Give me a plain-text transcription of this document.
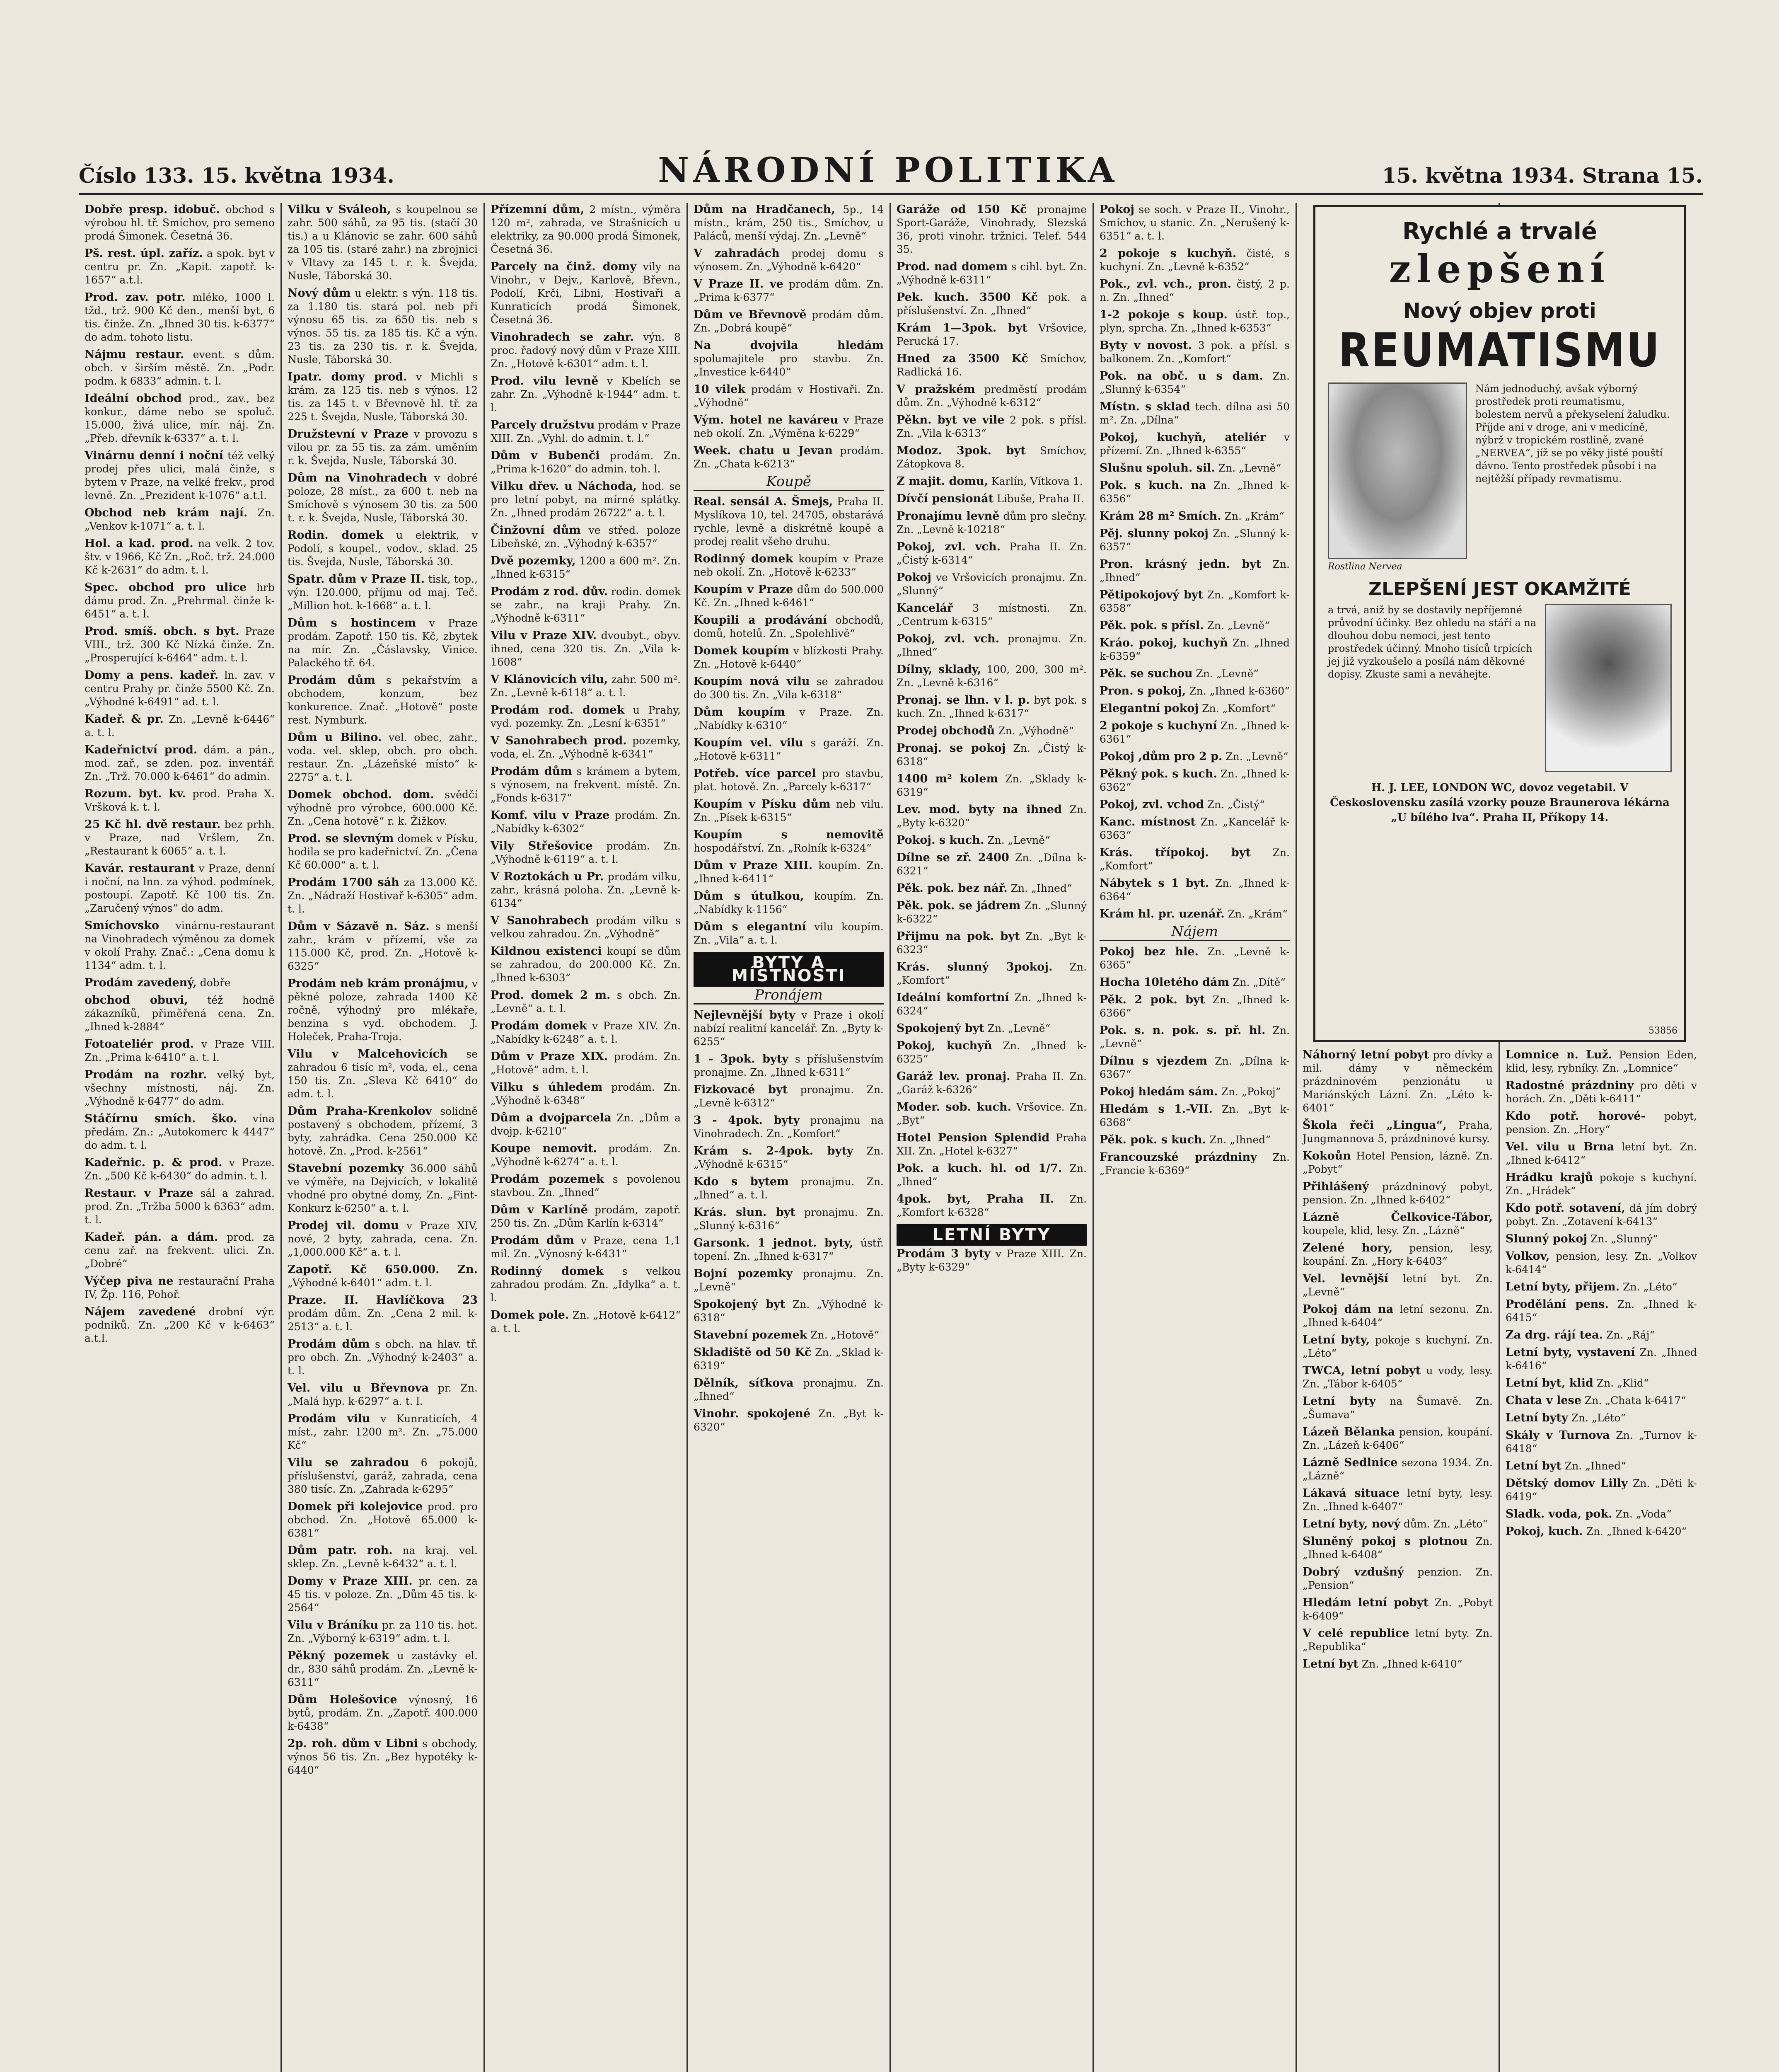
Číslo 133. 15. května 1934.	NÁRODNÍ POLITIKA	15. května 1934. Strana 15.
Dobře presp. idobuč. obchod s výrobou hl. tř. Smíchov, pro semeno prodá Šimonek. Česetná 36.
Pš. rest. úpl. zaříz. a spok. byt v centru pr. Zn. „Kapit. zapotř. k-1657“ a.t.l.
Prod. zav. potr. mléko, 1000 l. tžd., trž. 900 Kč den., menší byt, 6 tis. činže. Zn. „Ihned 30 tis. k-6377“ do adm. tohoto listu.
Nájmu restaur. event. s dům. obch. v širším městě. Zn. „Podr. podm. k 6833“ admin. t. l.
Ideální obchod prod., zav., bez konkur., dáme nebo se spoluč. 15.000, živá ulice, mír. náj. Zn. „Přeb. dřevník k-6337“ a. t. l.
Vinárnu denní i noční též velký prodej přes ulici, malá činže, s bytem v Praze, na velké frekv., prod levně. Zn. „Prezident k-1076“ a.t.l.
Obchod neb krám nají. Zn. „Venkov k-1071“ a. t. l.
Hol. a kad. prod. na velk. 2 tov. štv. v 1966, Kč Zn. „Roč. trž. 24.000 Kč k-2631“ do adm. t. l.
Spec. obchod pro ulice hrb dámu prod. Zn. „Prehrmal. činže k-6451“ a. t. l.
Prod. smíš. obch. s byt. Praze VIII., trž. 300 Kč Nízká činže. Zn. „Prosperující k-6464“ adm. t. l.
Domy a pens. kadeř. ln. zav. v centru Prahy pr. činže 5500 Kč. Zn. „Výhodné k-6491“ ad. t. l.
Kadeř. & pr. Zn. „Levně k-6446“ a. t. l.
Kadeřnictví prod. dám. a pán., mod. zař., se zden. poz. inventář. Zn. „Trž. 70.000 k-6461“ do admin.
Rozum. byt. kv. prod. Praha X. Vršková k. t. l.
25 Kč hl. dvě restaur. bez prhh. v Praze, nad Vršlem, Zn. „Restaurant k 6065“ a. t. l.
Kavár. restaurant v Praze, denní i noční, na lnn. za výhod. podmínek, postoupí. Zapotř. Kč 100 tis. Zn. „Zaručený výnos“ do adm.
Smíchovsko vinárnu-restaurant na Vinohradech výměnou za domek v okolí Prahy. Znač.: „Cena domu k 1134“ adm. t. l.
Prodám zavedený, dobře
obchod obuvi, též hodně zákazníků, přiměřená cena. Zn. „Ihned k-2884“
Fotoateliér prod. v Praze VIII. Zn. „Prima k-6410“ a. t. l.
Prodám na rozhr. velký byt, všechny místnosti, náj. Zn. „Výhodně k-6477“ do adm.
Stáčírnu smích. ško. vína předám. Zn.: „Autokomerc k 4447“ do adm. t. l.
Kadeřnic. p. & prod. v Praze. Zn. „500 Kč k-6430“ do admin. t. l.
Restaur. v Praze sál a zahrad. prod. Zn. „Tržba 5000 k 6363“ adm. t. l.
Kadeř. pán. a dám. prod. za cenu zař. na frekvent. ulici. Zn. „Dobré“
Výčep piva ne restaurační Praha IV, Žp. 116, Pohoř.
Nájem zavedené drobní výr. podniků. Zn. „200 Kč v k-6463“ a.t.l.
Vilku v Sváleoh, s koupelnou se zahr. 500 sáhů, za 95 tis. (stačí 30 tis.) a u Klánovic se zahr. 600 sáhů za 105 tis. (staré zahr.) na zbrojnici v Vltavy za 145 t. r. k. Švejda, Nusle, Táborská 30.
Nový dům u elektr. s výn. 118 tis. za 1.180 tis. stará pol. neb při výnosu 65 tis. za 650 tis. neb s výnos. 55 tis. za 185 tis. Kč a výn. 23 tis. za 230 tis. r. k. Švejda, Nusle, Táborská 30.
Ipatr. domy prod. v Michli s krám. za 125 tis. neb s výnos. 12 tis. za 145 t. v Břevnově hl. tř. za 225 t. Švejda, Nusle, Táborská 30.
Družstevní v Praze v provozu s vilou pr. za 55 tis. za zám. uměním r. k. Švejda, Nusle, Táborská 30.
Dům na Vinohradech v dobré poloze, 28 míst., za 600 t. neb na Smíchově s výnosem 30 tis. za 500 t. r. k. Švejda, Nusle, Táborská 30.
Rodin. domek u elektrik, v Podolí, s koupel., vodov., sklad. 25 tis. Švejda, Nusle, Táborská 30.
Spatr. dům v Praze II. tisk, top., výn. 120.000, příjmu od maj. Teč. „Million hot. k-1668“ a. t. l.
Dům s hostincem v Praze prodám. Zapotř. 150 tis. Kč, zbytek na mír. Zn. „Čáslavsky, Vinice. Palackého tř. 64.
Prodám dům s pekařstvím a obchodem, konzum, bez konkurence. Znač. „Hotově“ poste rest. Nymburk.
Dům u Bilino. vel. obec, zahr., voda. vel. sklep, obch. pro obch. restaur. Zn. „Lázeňské místo“ k-2275“ a. t. l.
Domek obchod. dom. svědčí výhodně pro výrobce, 600.000 Kč. Zn. „Cena hotově“ r. k. Žižkov.
Prod. se slevným domek v Písku, hodila se pro kadeřnictví. Zn. „Čena Kč 60.000“ a. t. l.
Prodám 1700 sáh za 13.000 Kč. Zn. „Nádraží Hostivař k-6305“ adm. t. l.
Dům v Sázavě n. Sáz. s menší zahr., krám v přízemí, vše za 115.000 Kč, prod. Zn. „Hotově k-6325“
Prodám neb krám pronájmu, v pěkné poloze, zahrada 1400 Kč ročně, výhodný pro mlékaře, benzina s vyd. obchodem. J. Holeček, Praha-Troja.
Vilu v Malcehovicích se zahradou 6 tisíc m², voda, el., cena 150 tis. Zn. „Sleva Kč 6410“ do adm. t. l.
Dům Praha-Krenkolov solidně postavený s obchodem, přízemí, 3 byty, zahrádka. Cena 250.000 Kč hotově. Zn. „Prod. k-2561“
Stavební pozemky 36.000 sáhů ve výměře, na Dejvicích, v lokalitě vhodné pro obytné domy, Zn. „Fint-Konkurz k-6250“ a. t. l.
Prodej vil. domu v Praze XIV, nové, 2 byty, zahrada, cena. Zn. „1,000.000 Kč“ a. t. l.
Zapotř. Kč 650.000. Zn. „Výhodné k-6401“ adm. t. l.
Praze. II. Havlíčkova 23 prodám dům. Zn. „Cena 2 mil. k-2513“ a. t. l.
Prodám dům s obch. na hlav. tř. pro obch. Zn. „Výhodný k-2403“ a. t. l.
Vel. vilu u Břevnova pr. Zn. „Malá hyp. k-6297“ a. t. l.
Prodám vilu v Kunraticích, 4 míst., zahr. 1200 m². Zn. „75.000 Kč“
Vilu se zahradou 6 pokojů, příslušenství, garáž, zahrada, cena 380 tisíc. Zn. „Zahrada k-6295“
Domek při kolejovice prod. pro obchod. Zn. „Hotově 65.000 k-6381“
Dům patr. roh. na kraj. vel. sklep. Zn. „Levně k-6432“ a. t. l.
Domy v Praze XIII. pr. cen. za 45 tis. v poloze. Zn. „Dům 45 tis. k-2564“
Vilu v Bráníku pr. za 110 tis. hot. Zn. „Výborný k-6319“ adm. t. l.
Pěkný pozemek u zastávky el. dr., 830 sáhů prodám. Zn. „Levně k-6311“
Dům Holešovice výnosný, 16 bytů, prodám. Zn. „Zapotř. 400.000 k-6438“
2p. roh. dům v Libni s obchody, výnos 56 tis. Zn. „Bez hypotéky k-6440“
Přízemní dům, 2 místn., výměra 120 m², zahrada, ve Strašnicích u elektriky, za 90.000 prodá Šimonek, Česetná 36.
Parcely na činž. domy vily na Vinohr., v Dejv., Karlově, Břevn., Podolí, Krči, Libni, Hostivaři a Kunraticích prodá Šimonek, Česetná 36.
Vinohradech se zahr. výn. 8 proc. řadový nový dům v Praze XIII. Zn. „Hotově k-6301“ adm. t. l.
Prod. vilu levně v Kbelích se zahr. Zn. „Výhodně k-1944“ adm. t. l.
Parcely družstvu prodám v Praze XIII. Zn. „Vyhl. do admin. t. l.“
Dům v Bubenči prodám. Zn. „Prima k-1620“ do admin. toh. l.
Vilku dřev. u Náchoda, hod. se pro letní pobyt, na mírné splátky. Zn. „Ihned prodám 26722“ a. t. l.
Činžovní dům ve střed. poloze Libeňské, zn. „Výhodný k-6357“
Dvě pozemky, 1200 a 600 m². Zn. „Ihned k-6315“
Prodám z rod. dův. rodin. domek se zahr., na kraji Prahy. Zn. „Výhodně k-6311“
Vilu v Praze XIV. dvoubyt., obyv. ihned, cena 320 tis. Zn. „Vila k-1608“
V Klánovicích vilu, zahr. 500 m². Zn. „Levně k-6118“ a. t. l.
Prodám rod. domek u Prahy, vyd. pozemky. Zn. „Lesní k-6351“
V Sanohrabech prod. pozemky, voda, el. Zn. „Výhodně k-6341“
Prodám dům s krámem a bytem, s výnosem, na frekvent. místě. Zn. „Fonds k-6317“
Komf. vilu v Praze prodám. Zn. „Nabídky k-6302“
Vily Střešovice prodám. Zn. „Výhodně k-6119“ a. t. l.
V Roztokách u Pr. prodám vilku, zahr., krásná poloha. Zn. „Levně k-6134“
V Sanohrabech prodám vilku s velkou zahradou. Zn. „Výhodně“
Kildnou existenci koupí se dům se zahradou, do 200.000 Kč. Zn. „Ihned k-6303“
Prod. domek 2 m. s obch. Zn. „Levně“ a. t. l.
Prodám domek v Praze XIV. Zn. „Nabídky k-6248“ a. t. l.
Dům v Praze XIX. prodám. Zn. „Hotově“ adm. t. l.
Vilku s úhledem prodám. Zn. „Výhodně k-6348“
Dům a dvojparcela Zn. „Dům a dvojp. k-6210“
Koupe nemovit. prodám. Zn. „Výhodně k-6274“ a. t. l.
Prodám pozemek s povolenou stavbou. Zn. „Ihned“
Dům v Karlíně prodám, zapotř. 250 tis. Zn. „Dům Karlín k-6314“
Prodám dům v Praze, cena 1,1 mil. Zn. „Výnosný k-6431“
Rodinný domek s velkou zahradou prodám. Zn. „Idylka“ a. t. l.
Domek pole. Zn. „Hotově k-6412“ a. t. l.
Dům na Hradčanech, 5p., 14 místn., krám, 250 tis., Smíchov, u Paláců, menší výdaj. Zn. „Levně“
V zahradách prodej domu s výnosem. Zn. „Výhodně k-6420“
V Praze II. ve prodám dům. Zn. „Prima k-6377“
Dům ve Břevnově prodám dům. Zn. „Dobrá koupě“
Na dvojvila hledám spolumajitele pro stavbu. Zn. „Investice k-6440“
10 vilek prodám v Hostivaři. Zn. „Výhodně“
Vým. hotel ne kaváreu v Praze neb okolí. Zn. „Výměna k-6229“
Week. chatu u Jevan prodám. Zn. „Chata k-6213“
Koupě
Real. sensál A. Šmejs, Praha II. Myslíkova 10, tel. 24705, obstarává rychle, levně a diskrétně koupě a prodej realit všeho druhu.
Rodinný domek koupím v Praze neb okolí. Zn. „Hotově k-6233“
Koupím v Praze dům do 500.000 Kč. Zn. „Ihned k-6461“
Koupili a prodávání obchodů, domů, hotelů. Zn. „Spolehlivě“
Domek koupím v blízkosti Prahy. Zn. „Hotově k-6440“
Koupím nová vilu se zahradou do 300 tis. Zn. „Vila k-6318“
Dům koupím v Praze. Zn. „Nabídky k-6310“
Koupím vel. vilu s garáží. Zn. „Hotově k-6311“
Potřeb. více parcel pro stavbu, plat. hotově. Zn. „Parcely k-6317“
Koupím v Písku dům neb vilu. Zn. „Písek k-6315“
Koupím s nemovitě hospodářství. Zn. „Rolník k-6324“
Dům v Praze XIII. koupím. Zn. „Ihned k-6411“
Dům s útulkou, koupím. Zn. „Nabídky k-1156“
Dům s elegantní vilu koupím. Zn. „Vila“ a. t. l.
BYTY A MÍSTNOSTI
Pronájem
Nejlevnější byty v Praze i okolí nabízí realitní kancelář. Zn. „Byty k-6255“
1 - 3pok. byty s příslušenstvím pronajme. Zn. „Ihned k-6311“
Fizkovacé byt pronajmu. Zn. „Levně k-6312“
3 - 4pok. byty pronajmu na Vinohradech. Zn. „Komfort“
Krám s. 2-4pok. byty Zn. „Výhodně k-6315“
Kdo s bytem pronajmu. Zn. „Ihned“ a. t. l.
Krás. slun. byt pronajmu. Zn. „Slunný k-6316“
Garsonk. 1 jednot. byty, ústř. topení. Zn. „Ihned k-6317“
Bojní pozemky pronajmu. Zn. „Levně“
Spokojený byt Zn. „Výhodně k-6318“
Stavební pozemek Zn. „Hotově“
Skladiště od 50 Kč Zn. „Sklad k-6319“
Dělník, síťkova pronajmu. Zn. „Ihned“
Vinohr. spokojené Zn. „Byt k-6320“
Garáže od 150 Kč pronajme Sport-Garáže, Vinohrady, Slezská 36, proti vinohr. tržnici. Telef. 544 35.
Prod. nad domem s cihl. byt. Zn. „Výhodně k-6311“
Pek. kuch. 3500 Kč pok. a příslušenství. Zn. „Ihned“
Krám 1—3pok. byt Vršovice, Perucká 17.
Hned za 3500 Kč Smíchov, Radlická 16.
V pražském predměstí prodám dům. Zn. „Výhodně k-6312“
Pěkn. byt ve vile 2 pok. s přísl. Zn. „Vila k-6313“
Modoz. 3pok. byt Smíchov, Zátopkova 8.
Z majit. domu, Karlín, Vítkova 1.
Dívčí pensionát Libuše, Praha II.
Pronajímu levně dům pro slečny. Zn. „Levně k-10218“
Pokoj, zvl. vch. Praha II. Zn. „Čistý k-6314“
Pokoj ve Vršovicích pronajmu. Zn. „Slunný“
Kancelář 3 místnosti. Zn. „Centrum k-6315“
Pokoj, zvl. vch. pronajmu. Zn. „Ihned“
Dílny, sklady, 100, 200, 300 m². Zn. „Levně k-6316“
Pronaj. se lhn. v l. p. byt pok. s kuch. Zn. „Ihned k-6317“
Prodej obchodů Zn. „Výhodně“
Pronaj. se pokoj Zn. „Čistý k-6318“
1400 m² kolem Zn. „Sklady k-6319“
Lev. mod. byty na ihned Zn. „Byty k-6320“
Pokoj. s kuch. Zn. „Levně“
Dílne se zř. 2400 Zn. „Dílna k-6321“
Pěk. pok. bez nář. Zn. „Ihned“
Pěk. pok. se jádrem Zn. „Slunný k-6322“
Přijmu na pok. byt Zn. „Byt k-6323“
Krás. slunný 3pokoj. Zn. „Komfort“
Ideální komfortní Zn. „Ihned k-6324“
Spokojený byt Zn. „Levně“
Pokoj, kuchyň Zn. „Ihned k-6325“
Garáž lev. pronaj. Praha II. Zn. „Garáž k-6326“
Moder. sob. kuch. Vršovice. Zn. „Byt“
Hotel Pension Splendid Praha XII. Zn. „Hotel k-6327“
Pok. a kuch. hl. od 1/7. Zn. „Ihned“
4pok. byt, Praha II. Zn. „Komfort k-6328“
LETNÍ BYTY
Prodám 3 byty v Praze XIII. Zn. „Byty k-6329“
Pokoj se soch. v Praze II., Vinohr., Smíchov, u stanic. Zn. „Nerušený k-6351“ a. t. l.
2 pokoje s kuchyň. čisté, s kuchyní. Zn. „Levně k-6352“
Pok., zvl. vch., pron. čistý, 2 p. n. Zn. „Ihned“
1-2 pokoje s koup. ústř. top., plyn, sprcha. Zn. „Ihned k-6353“
Byty v novost. 3 pok. a přísl. s balkonem. Zn. „Komfort“
Pok. na obč. u s dam. Zn. „Slunný k-6354“
Místn. s sklad tech. dílna asi 50 m². Zn. „Dílna“
Pokoj, kuchyň, ateliér v přízemí. Zn. „Ihned k-6355“
Slušnu spoluh. sil. Zn. „Levně“
Pok. s kuch. na Zn. „Ihned k-6356“
Krám 28 m² Smích. Zn. „Krám“
Pěj. slunny pokoj Zn. „Slunný k-6357“
Pron. krásný jedn. byt Zn. „Ihned“
Pětipokojový byt Zn. „Komfort k-6358“
Pěk. pok. s přísl. Zn. „Levně“
Kráo. pokoj, kuchyň Zn. „Ihned k-6359“
Pěk. se suchou Zn. „Levně“
Pron. s pokoj, Zn. „Ihned k-6360“
Elegantní pokoj Zn. „Komfort“
2 pokoje s kuchyní Zn. „Ihned k-6361“
Pokoj ,dům pro 2 p. Zn. „Levně“
Pěkný pok. s kuch. Zn. „Ihned k-6362“
Pokoj, zvl. vchod Zn. „Čistý“
Kanc. místnost Zn. „Kancelář k-6363“
Krás. třípokoj. byt Zn. „Komfort“
Nábytek s 1 byt. Zn. „Ihned k-6364“
Krám hl. pr. uzenář. Zn. „Krám“
Nájem
Pokoj bez hle. Zn. „Levně k-6365“
Hocha 10letého dám Zn. „Dítě“
Pěk. 2 pok. byt Zn. „Ihned k-6366“
Pok. s. n. pok. s. př. hl. Zn. „Levně“
Dílnu s vjezdem Zn. „Dílna k-6367“
Pokoj hledám sám. Zn. „Pokoj“
Hledám s 1.-VII. Zn. „Byt k-6368“
Pěk. pok. s kuch. Zn. „Ihned“
Francouzské prázdniny Zn. „Francie k-6369“
Náhorný letní pobyt pro dívky a mil. dámy v německém prázdninovém penzionátu u Mariánských Lázní. Zn. „Léto k-6401“
Škola řeči „Lingua“, Praha, Jungmannova 5, prázdninové kursy.
Kokoůn Hotel Pension, lázně. Zn. „Pobyt“
Přihlášený prázdninový pobyt, pension. Zn. „Ihned k-6402“
Lázně Čelkovice-Tábor, koupele, klid, lesy. Zn. „Lázně“
Zelené hory, pension, lesy, koupání. Zn. „Hory k-6403“
Vel. levnější letní byt. Zn. „Levně“
Pokoj dám na letní sezonu. Zn. „Ihned k-6404“
Letní byty, pokoje s kuchyní. Zn. „Léto“
TWCA, letní pobyt u vody, lesy. Zn. „Tábor k-6405“
Letní byty na Šumavě. Zn. „Šumava“
Lázeň Bělanka pension, koupání. Zn. „Lázeň k-6406“
Lázně Sedlnice sezona 1934. Zn. „Lázně“
Lákavá situace letní byty, lesy. Zn. „Ihned k-6407“
Letní byty, nový dům. Zn. „Léto“
Sluněný pokoj s plotnou Zn. „Ihned k-6408“
Dobrý vzdušný penzion. Zn. „Pension“
Hledám letní pobyt Zn. „Pobyt k-6409“
V celé republice letní byty. Zn. „Republika“
Letní byt Zn. „Ihned k-6410“
Lomnice n. Luž. Pension Eden, klid, lesy, rybníky. Zn. „Lomnice“
Radostné prázdniny pro děti v horách. Zn. „Děti k-6411“
Kdo potř. horové- pobyt, pension. Zn. „Hory“
Vel. vilu u Brna letní byt. Zn. „Ihned k-6412“
Hrádku krajů pokoje s kuchyní. Zn. „Hrádek“
Kdo potř. sotavení, dá jím dobrý pobyt. Zn. „Zotavení k-6413“
Slunný pokoj Zn. „Slunný“
Volkov, pension, lesy. Zn. „Volkov k-6414“
Letní byty, přijem. Zn. „Léto“
Prodělání pens. Zn. „Ihned k-6415“
Za drg. rájí tea. Zn. „Ráj“
Letní byty, vystavení Zn. „Ihned k-6416“
Letní byt, klid Zn. „Klid“
Chata v lese Zn. „Chata k-6417“
Letní byty Zn. „Léto“
Skály v Turnova Zn. „Turnov k-6418“
Letní byt Zn. „Ihned“
Dětský domov Lilly Zn. „Děti k-6419“
Sladk. voda, pok. Zn. „Voda“
Pokoj, kuch. Zn. „Ihned k-6420“
Rychlé a trvalé
zlepšení
Nový objev proti
REUMATISMU
Rostlina Nervea
Nám jednoduchý, avšak výborný prostředek proti reumatismu, bolestem nervů a překyselení žaludku. Příjde ani v droge, ani v medicíně, nýbrž v tropickém rostlině, zvané „NERVEA“, jíž se po věky jisté pouští dávno. Tento prostředek působí i na nejtěžší případy revmatismu.
ZLEPŠENÍ JEST OKAMŽITÉ
a trvá, aniž by se dostavily nepříjemné průvodní účinky. Bez ohledu na stáří a na dlouhou dobu nemoci, jest tento prostředek účinný. Mnoho tisíců trpících jej již vyzkoušelo a posílá nám děkovné dopisy. Zkuste sami a neváhejte.
H. J. LEE, LONDON WC, dovoz vegetabil. V Československu zasílá vzorky pouze Braunerova lékárna „U bílého lva“. Praha II, Příkopy 14.
53856
